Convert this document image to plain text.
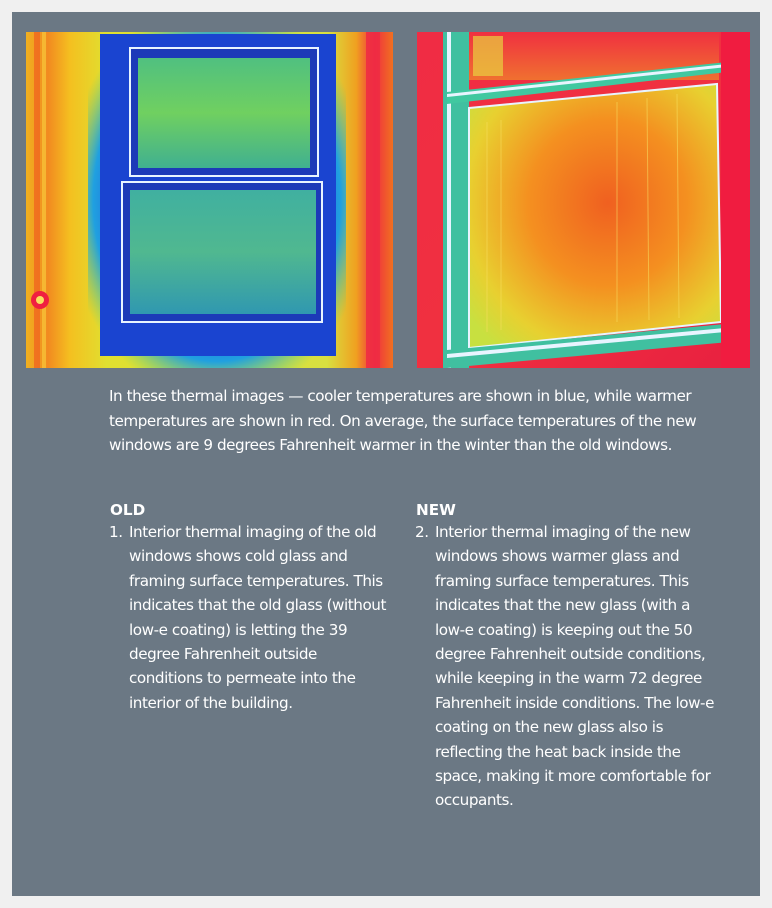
In these thermal images — cooler temperatures are shown in blue, while warmer temperatures are shown in red. On average, the surface temperatures of the new windows are 9 degrees Fahrenheit warmer in the winter than the old windows.

OLD
1. Interior thermal imaging of the old windows shows cold glass and framing surface temperatures. This indicates that the old glass (without low-e coating) is letting the 39 degree Fahrenheit outside conditions to permeate into the interior of the building.
NEW
2. Interior thermal imaging of the new windows shows warmer glass and framing surface temperatures. This indicates that the new glass (with a low-e coating) is keeping out the 50 degree Fahrenheit outside conditions, while keeping in the warm 72 degree Fahrenheit inside conditions. The low-e coating on the new glass also is reflecting the heat back inside the space, making it more comfortable for occupants.
